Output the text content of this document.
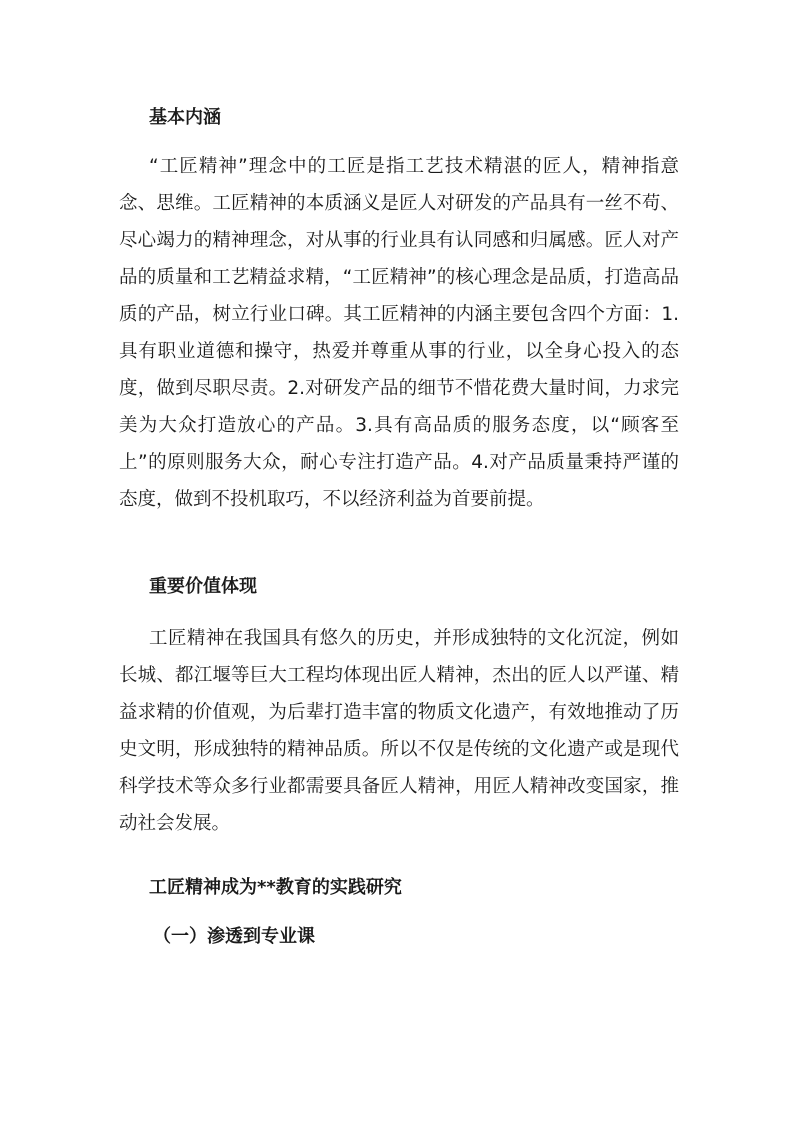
基本内涵

“工匠精神”理念中的工匠是指工艺技术精湛的匠人，精神指意念、思维。工匠精神的本质涵义是匠人对研发的产品具有一丝不苟、尽心竭力的精神理念，对从事的行业具有认同感和归属感。匠人对产品的质量和工艺精益求精，“工匠精神”的核心理念是品质，打造高品质的产品，树立行业口碑。其工匠精神的内涵主要包含四个方面：1.具有职业道德和操守，热爱并尊重从事的行业，以全身心投入的态度，做到尽职尽责。2.对研发产品的细节不惜花费大量时间，力求完美为大众打造放心的产品。3.具有高品质的服务态度，以“顾客至上”的原则服务大众，耐心专注打造产品。4.对产品质量秉持严谨的态度，做到不投机取巧，不以经济利益为首要前提。

重要价值体现

工匠精神在我国具有悠久的历史，并形成独特的文化沉淀，例如长城、都江堰等巨大工程均体现出匠人精神，杰出的匠人以严谨、精益求精的价值观，为后辈打造丰富的物质文化遗产，有效地推动了历史文明，形成独特的精神品质。所以不仅是传统的文化遗产或是现代科学技术等众多行业都需要具备匠人精神，用匠人精神改变国家，推动社会发展。

工匠精神成为**教育的实践研究
（一）渗透到专业课
